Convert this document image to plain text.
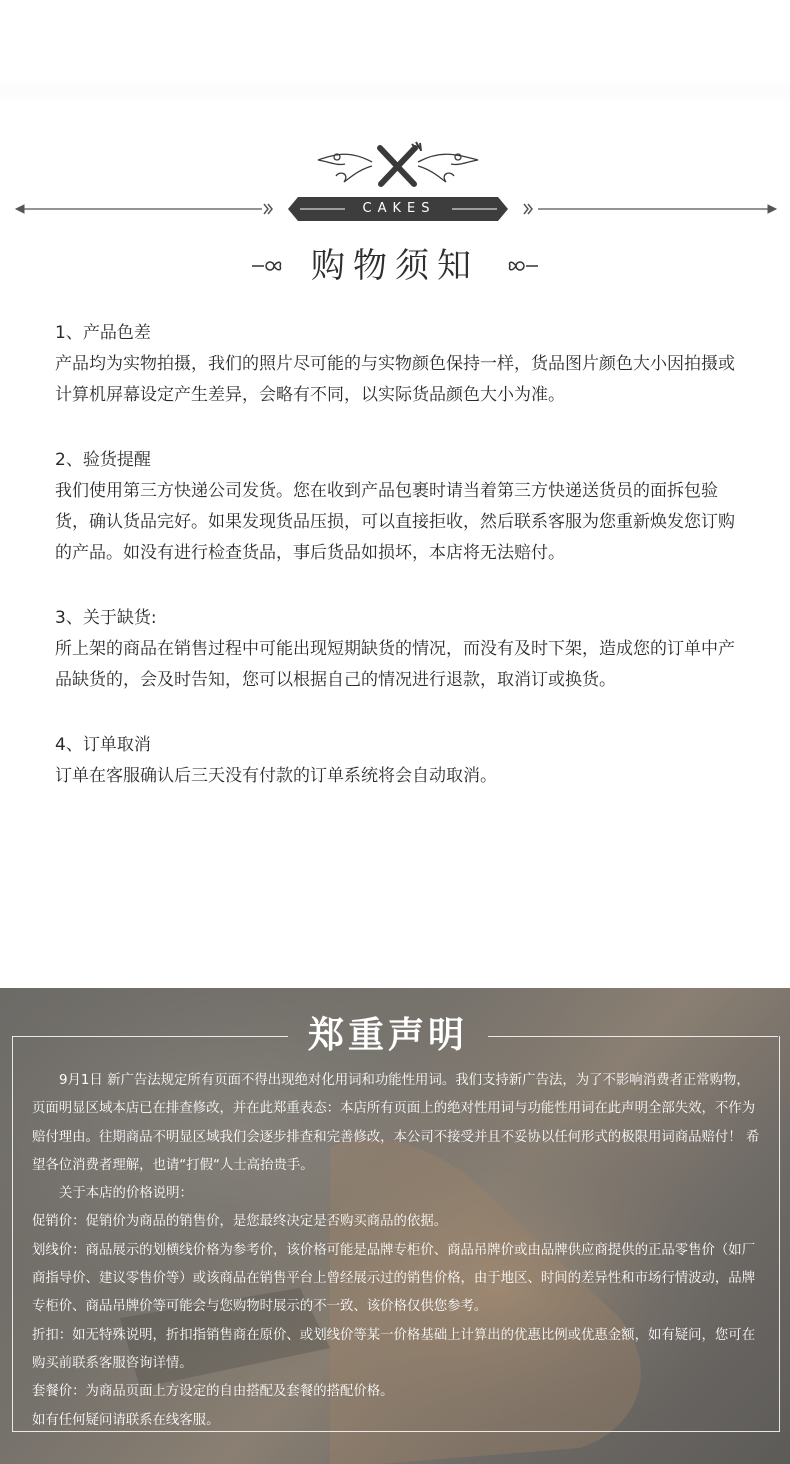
CAKES
购物须知

1、产品色差

产品均为实物拍摄，我们的照片尽可能的与实物颜色保持一样，货品图片颜色大小因拍摄或计算机屏幕设定产生差异，会略有不同，以实际货品颜色大小为准。

2、验货提醒

我们使用第三方快递公司发货。您在收到产品包裹时请当着第三方快递送货员的面拆包验货，确认货品完好。如果发现货品压损，可以直接拒收，然后联系客服为您重新焕发您订购的产品。如没有进行检查货品，事后货品如损坏，本店将无法赔付。

3、关于缺货:

所上架的商品在销售过程中可能出现短期缺货的情况，而没有及时下架，造成您的订单中产品缺货的，会及时告知，您可以根据自己的情况进行退款，取消订或换货。

4、订单取消

订单在客服确认后三天没有付款的订单系统将会自动取消。

郑重声明

9月1日 新广告法规定所有页面不得出现绝对化用词和功能性用词。我们支持新广告法，为了不影响消费者正常购物，页面明显区域本店已在排查修改，并在此郑重表态：本店所有页面上的绝对性用词与功能性用词在此声明全部失效，不作为赔付理由。往期商品不明显区域我们会逐步排查和完善修改，本公司不接受并且不妥协以任何形式的极限用词商品赔付！ 希望各位消费者理解，也请“打假“人士高抬贵手。

关于本店的价格说明：

促销价：促销价为商品的销售价，是您最终决定是否购买商品的依据。

划线价：商品展示的划横线价格为参考价，该价格可能是品牌专柜价、商品吊牌价或由品牌供应商提供的正品零售价（如厂商指导价、建议零售价等）或该商品在销售平台上曾经展示过的销售价格，由于地区、时间的差异性和市场行情波动，品牌专柜价、商品吊牌价等可能会与您购物时展示的不一致、该价格仅供您参考。

折扣：如无特殊说明，折扣指销售商在原价、或划线价等某一价格基础上计算出的优惠比例或优惠金额，如有疑问，您可在购买前联系客服咨询详情。

套餐价：为商品页面上方设定的自由搭配及套餐的搭配价格。

如有任何疑问请联系在线客服。
